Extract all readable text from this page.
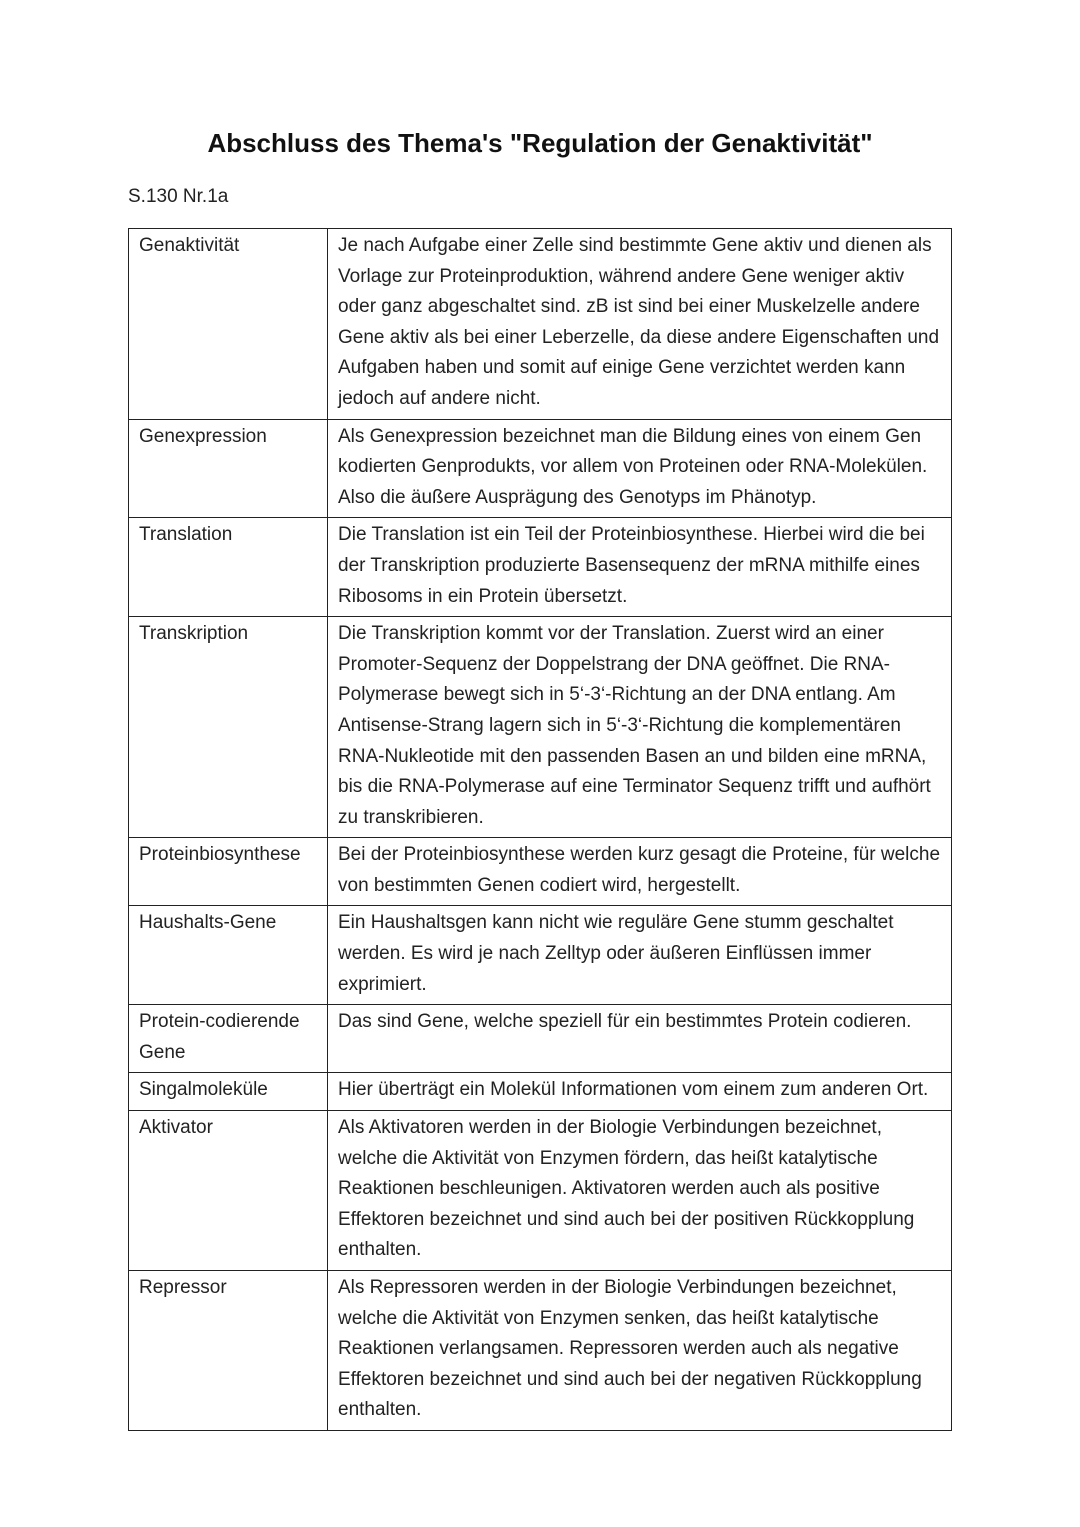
Abschluss des Thema's "Regulation der Genaktivität"
S.130 Nr.1a
Genaktivität	Je nach Aufgabe einer Zelle sind bestimmte Gene aktiv und dienen als Vorlage zur Proteinproduktion, während andere Gene weniger aktiv oder ganz abgeschaltet sind. zB ist sind bei einer Muskelzelle andere Gene aktiv als bei einer Leberzelle, da diese andere Eigenschaften und Aufgaben haben und somit auf einige Gene verzichtet werden kann jedoch auf andere nicht.
Genexpression	Als Genexpression bezeichnet man die Bildung eines von einem Gen kodierten Genprodukts, vor allem von Proteinen oder RNA-Molekülen. Also die äußere Ausprägung des Genotyps im Phänotyp.
Translation	Die Translation ist ein Teil der Proteinbiosynthese. Hierbei wird die bei der Transkription produzierte Basensequenz der mRNA mithilfe eines Ribosoms in ein Protein übersetzt.
Transkription	Die Transkription kommt vor der Translation. Zuerst wird an einer Promoter-Sequenz der Doppelstrang der DNA geöffnet. Die RNA-Polymerase bewegt sich in 5‘-3‘-Richtung an der DNA entlang. Am Antisense-Strang lagern sich in 5‘-3‘-Richtung die komplementären RNA-Nukleotide mit den passenden Basen an und bilden eine mRNA, bis die RNA-Polymerase auf eine Terminator Sequenz trifft und aufhört zu transkribieren.
Proteinbiosynthese	Bei der Proteinbiosynthese werden kurz gesagt die Proteine, für welche von bestimmten Genen codiert wird, hergestellt.
Haushalts-Gene	Ein Haushaltsgen kann nicht wie reguläre Gene stumm geschaltet werden. Es wird je nach Zelltyp oder äußeren Einflüssen immer exprimiert.
Protein-codierende Gene	Das sind Gene, welche speziell für ein bestimmtes Protein codieren.
Singalmoleküle	Hier überträgt ein Molekül Informationen vom einem zum anderen Ort.
Aktivator	Als Aktivatoren werden in der Biologie Verbindungen bezeichnet, welche die Aktivität von Enzymen fördern, das heißt katalytische Reaktionen beschleunigen. Aktivatoren werden auch als positive Effektoren bezeichnet und sind auch bei der positiven Rückkopplung enthalten.
Repressor	Als Repressoren werden in der Biologie Verbindungen bezeichnet, welche die Aktivität von Enzymen senken, das heißt katalytische Reaktionen verlangsamen. Repressoren werden auch als negative Effektoren bezeichnet und sind auch bei der negativen Rückkopplung enthalten.
